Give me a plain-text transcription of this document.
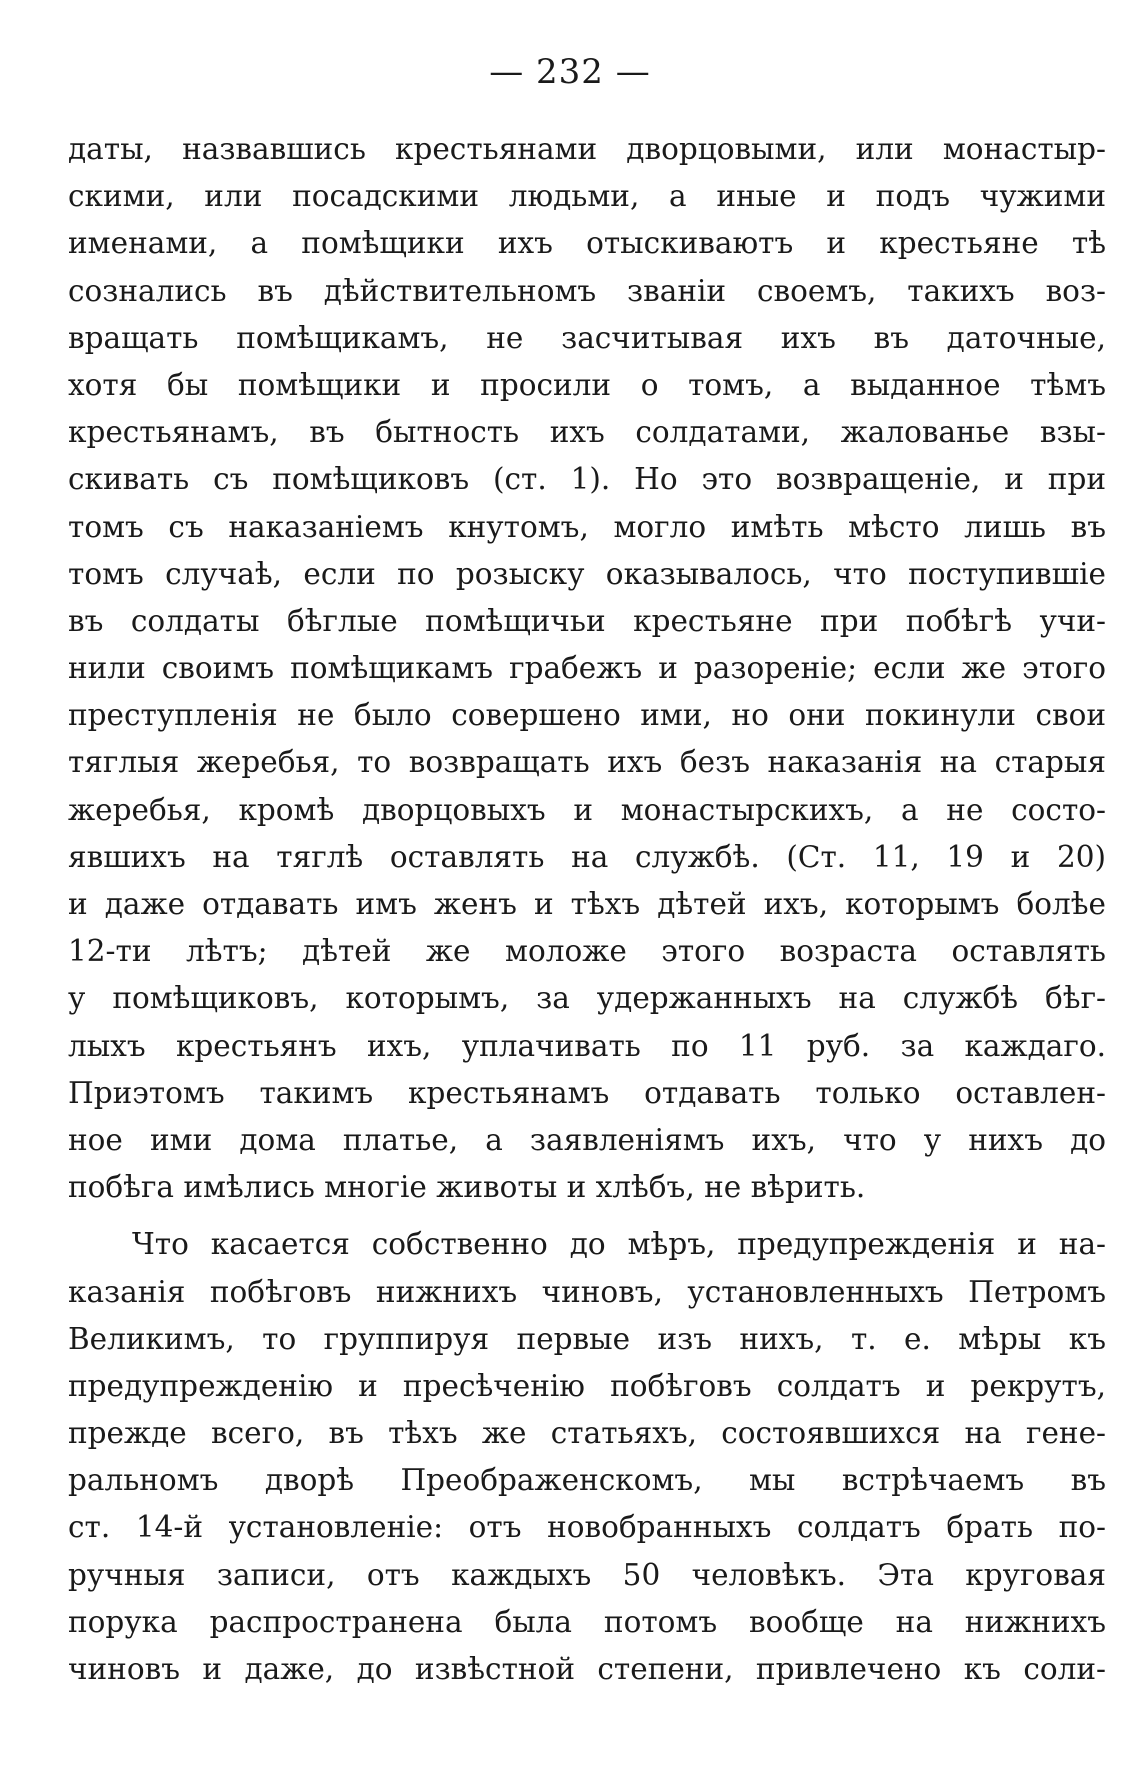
— 232 —
даты, назвавшись крестьянами дворцовыми, или монастыр-
скими, или посадскими людьми, а иные и подъ чужими
именами, а помѣщики ихъ отыскиваютъ и крестьяне тѣ
сознались въ дѣйствительномъ званіи своемъ, такихъ воз-
вращать помѣщикамъ, не засчитывая ихъ въ даточные,
хотя бы помѣщики и просили о томъ, а выданное тѣмъ
крестьянамъ, въ бытность ихъ солдатами, жалованье взы-
скивать съ помѣщиковъ (ст. 1). Но это возвращеніе, и при
томъ съ наказаніемъ кнутомъ, могло имѣть мѣсто лишь въ
томъ случаѣ, если по розыску оказывалось, что поступившіе
въ солдаты бѣглые помѣщичьи крестьяне при побѣгѣ учи-
нили своимъ помѣщикамъ грабежъ и разореніе; если же этого
преступленія не было совершено ими, но они покинули свои
тяглыя жеребья, то возвращать ихъ безъ наказанія на старыя
жеребья, кромѣ дворцовыхъ и монастырскихъ, а не состо-
явшихъ на тяглѣ оставлять на службѣ. (Ст. 11, 19 и 20)
и даже отдавать имъ женъ и тѣхъ дѣтей ихъ, которымъ болѣе
12-ти лѣтъ; дѣтей же моложе этого возраста оставлять
у помѣщиковъ, которымъ, за удержанныхъ на службѣ бѣг-
лыхъ крестьянъ ихъ, уплачивать по 11 руб. за каждаго.
Приэтомъ такимъ крестьянамъ отдавать только оставлен-
ное ими дома платье, а заявленіямъ ихъ, что у нихъ до
побѣга имѣлись многіе животы и хлѣбъ, не вѣрить.
Что касается собственно до мѣръ, предупрежденія и на-
казанія побѣговъ нижнихъ чиновъ, установленныхъ Петромъ
Великимъ, то группируя первые изъ нихъ, т. е. мѣры къ
предупрежденію и пресѣченію побѣговъ солдатъ и рекрутъ,
прежде всего, въ тѣхъ же статьяхъ, состоявшихся на гене-
ральномъ дворѣ Преображенскомъ, мы встрѣчаемъ въ
ст. 14-й установленіе: отъ новобранныхъ солдатъ брать по-
ручныя записи, отъ каждыхъ 50 человѣкъ. Эта круговая
порука распространена была потомъ вообще на нижнихъ
чиновъ и даже, до извѣстной степени, привлечено къ соли-
